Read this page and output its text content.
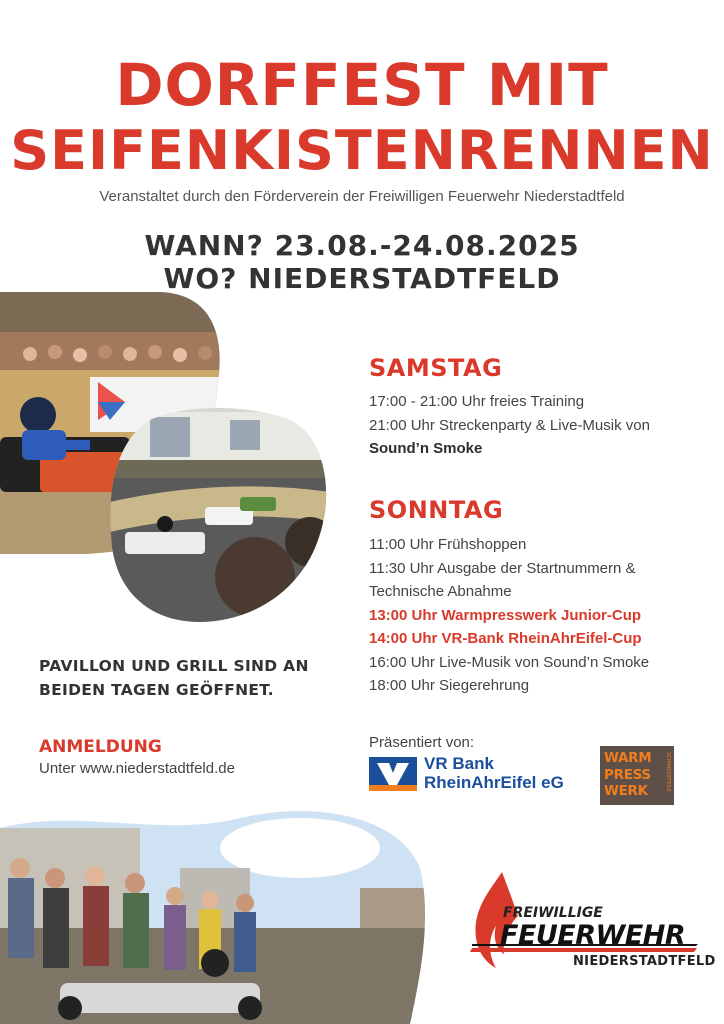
DORFFEST MIT
SEIFENKISTENRENNEN
Veranstaltet durch den Förderverein der Freiwilligen Feuerwehr Niederstadtfeld
WANN? 23.08.-24.08.2025
WO? NIEDERSTADTFELD
SAMSTAG
17:00 - 21:00 Uhr freies Training
21:00 Uhr Streckenparty & Live-Musik von
Sound’n Smoke
SONNTAG
11:00 Uhr Frühshoppen
11:30 Uhr Ausgabe der Startnummern &
Technische Abnahme
13:00 Uhr Warmpresswerk Junior-Cup
14:00 Uhr VR-Bank RheinAhrEifel-Cup
16:00 Uhr Live-Musik von Sound’n Smoke
18:00 Uhr Siegerehrung
PAVILLON UND GRILL SIND AN
BEIDEN TAGEN GEÖFFNET.
ANMELDUNG
Unter www.niederstadtfeld.de
Präsentiert von:
VR Bank
RheinAhrEifel eG
WARM
PRESS
WERK	SCHMIEDETEILE
FREIWILLIGE
FEUERWEHR
NIEDERSTADTFELD
